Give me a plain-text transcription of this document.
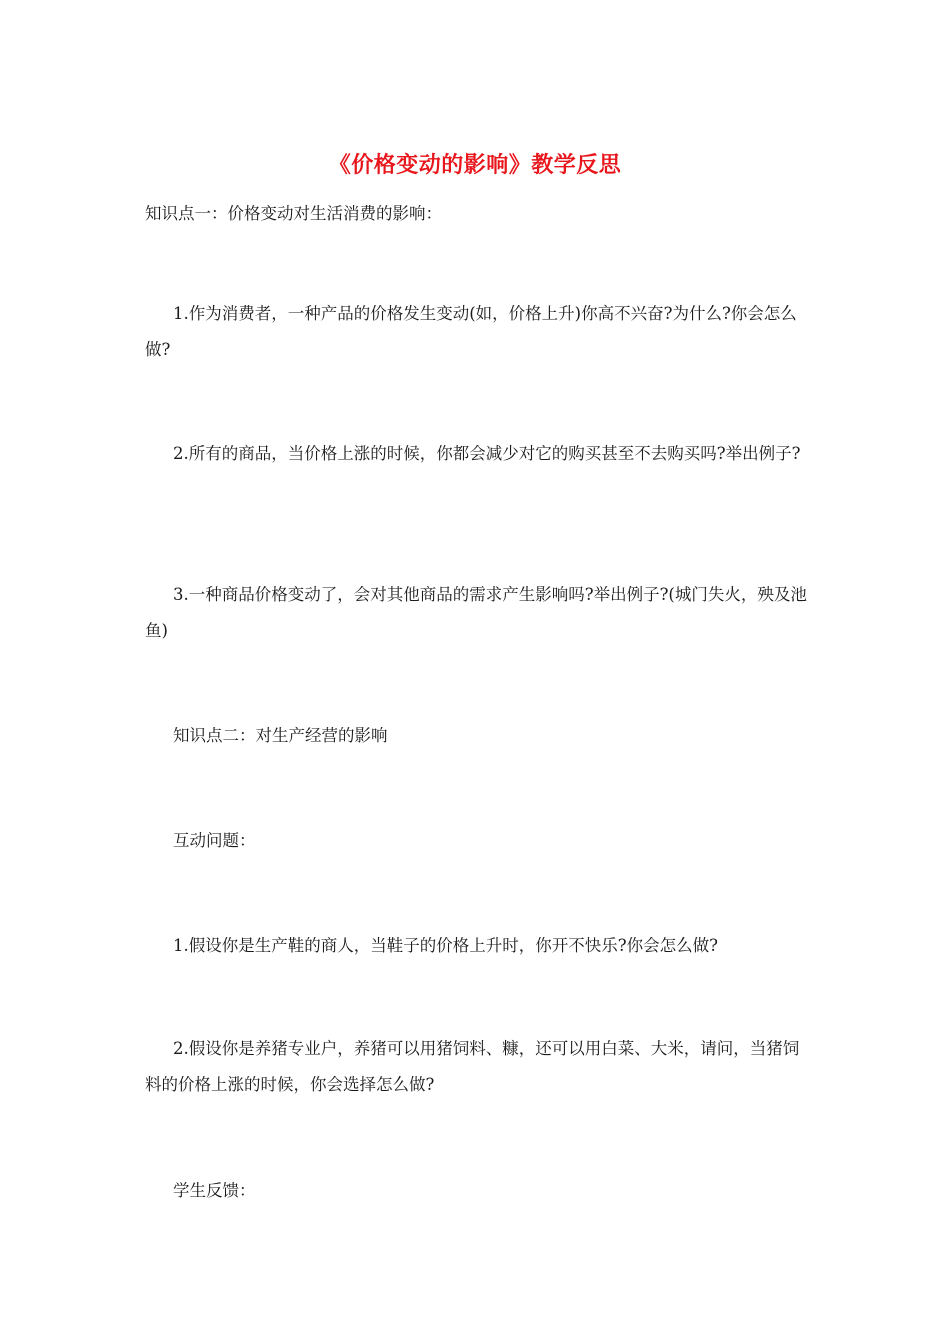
《价格变动的影响》教学反思

知识点一：价格变动对生活消费的影响：

1.作为消费者，一种产品的价格发生变动(如，价格上升)你高不兴奋?为什么?你会怎么做?

2.所有的商品，当价格上涨的时候，你都会减少对它的购买甚至不去购买吗?举出例子?

3.一种商品价格变动了，会对其他商品的需求产生影响吗?举出例子?(城门失火，殃及池鱼)

知识点二：对生产经营的影响

互动问题：

1.假设你是生产鞋的商人，当鞋子的价格上升时，你开不快乐?你会怎么做?

2.假设你是养猪专业户，养猪可以用猪饲料、糠，还可以用白菜、大米，请问，当猪饲料的价格上涨的时候，你会选择怎么做?

学生反馈：
